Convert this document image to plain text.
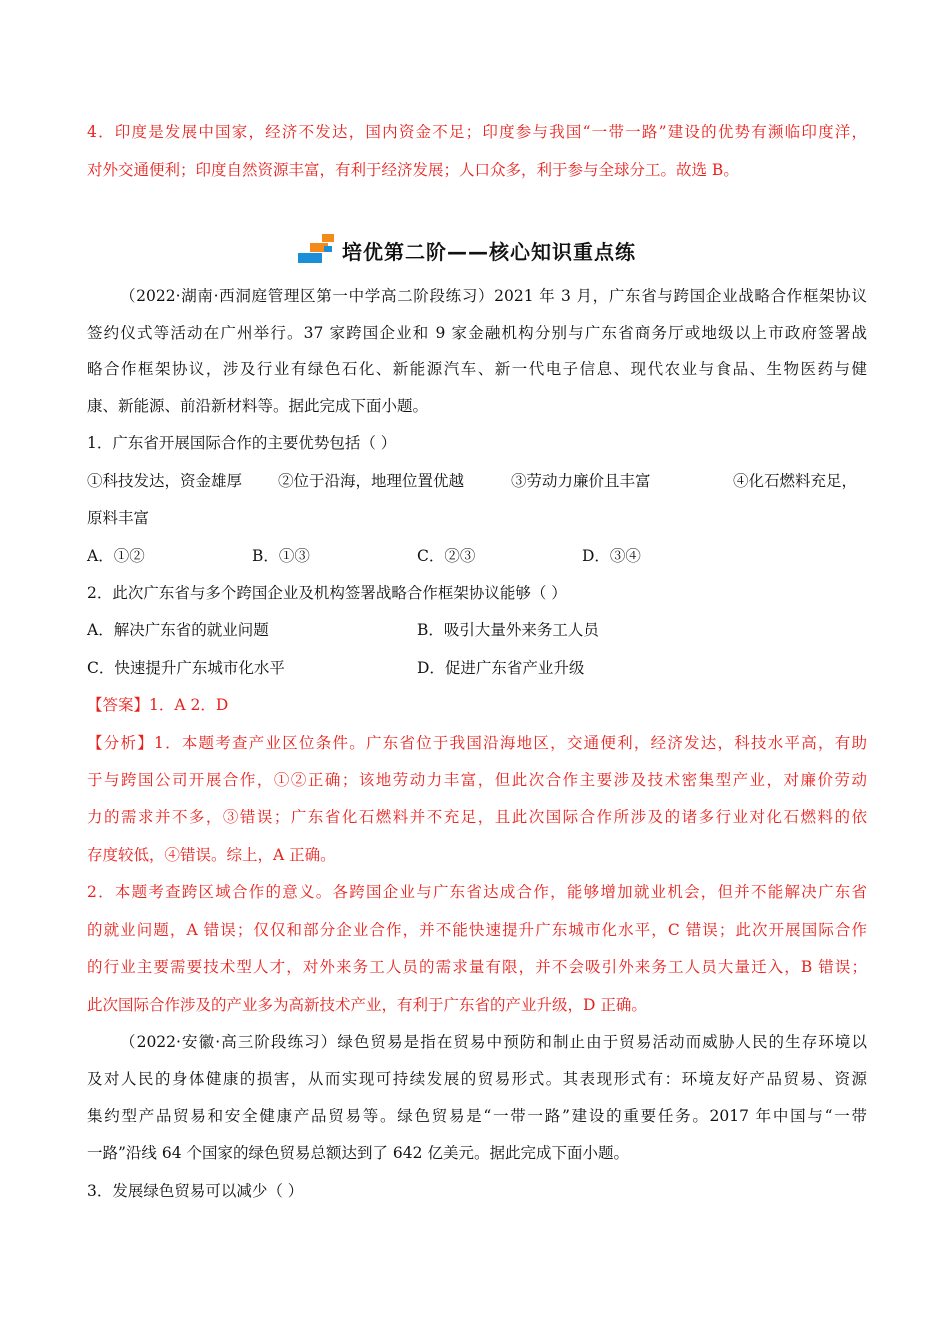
4．印度是发展中国家，经济不发达，国内资金不足；印度参与我国“一带一路”建设的优势有濒临印度洋，
对外交通便利；印度自然资源丰富，有利于经济发展；人口众多，利于参与全球分工。故选 B。
培优第二阶——核心知识重点练
（2022·湖南·西洞庭管理区第一中学高二阶段练习）2021 年 3 月，广东省与跨国企业战略合作框架协议
签约仪式等活动在广州举行。37 家跨国企业和 9 家金融机构分别与广东省商务厅或地级以上市政府签署战
略合作框架协议，涉及行业有绿色石化、新能源汽车、新一代电子信息、现代农业与食品、生物医药与健
康、新能源、前沿新材料等。据此完成下面小题。
1．广东省开展国际合作的主要优势包括（ ）
①科技发达，资金雄厚 ②位于沿海，地理位置优越	③劳动力廉价且丰富	④化石燃料充足，
原料丰富
A．①②	B．①③	C．②③	D．③④
2．此次广东省与多个跨国企业及机构签署战略合作框架协议能够（ ）
A．解决广东省的就业问题	B．吸引大量外来务工人员
C．快速提升广东城市化水平	D．促进广东省产业升级
【答案】1．A 2．D
【分析】1．本题考查产业区位条件。广东省位于我国沿海地区，交通便利，经济发达，科技水平高，有助
于与跨国公司开展合作，①②正确；该地劳动力丰富，但此次合作主要涉及技术密集型产业，对廉价劳动
力的需求并不多，③错误；广东省化石燃料并不充足，且此次国际合作所涉及的诸多行业对化石燃料的依
存度较低，④错误。综上，A 正确。
2．本题考查跨区域合作的意义。各跨国企业与广东省达成合作，能够增加就业机会，但并不能解决广东省
的就业问题，A 错误；仅仅和部分企业合作，并不能快速提升广东城市化水平，C 错误；此次开展国际合作
的行业主要需要技术型人才，对外来务工人员的需求量有限，并不会吸引外来务工人员大量迁入，B 错误；
此次国际合作涉及的产业多为高新技术产业，有利于广东省的产业升级，D 正确。
（2022·安徽·高三阶段练习）绿色贸易是指在贸易中预防和制止由于贸易活动而威胁人民的生存环境以
及对人民的身体健康的损害，从而实现可持续发展的贸易形式。其表现形式有：环境友好产品贸易、资源
集约型产品贸易和安全健康产品贸易等。绿色贸易是“一带一路”建设的重要任务。2017 年中国与“一带
一路”沿线 64 个国家的绿色贸易总额达到了 642 亿美元。据此完成下面小题。
3．发展绿色贸易可以减少（ ）
